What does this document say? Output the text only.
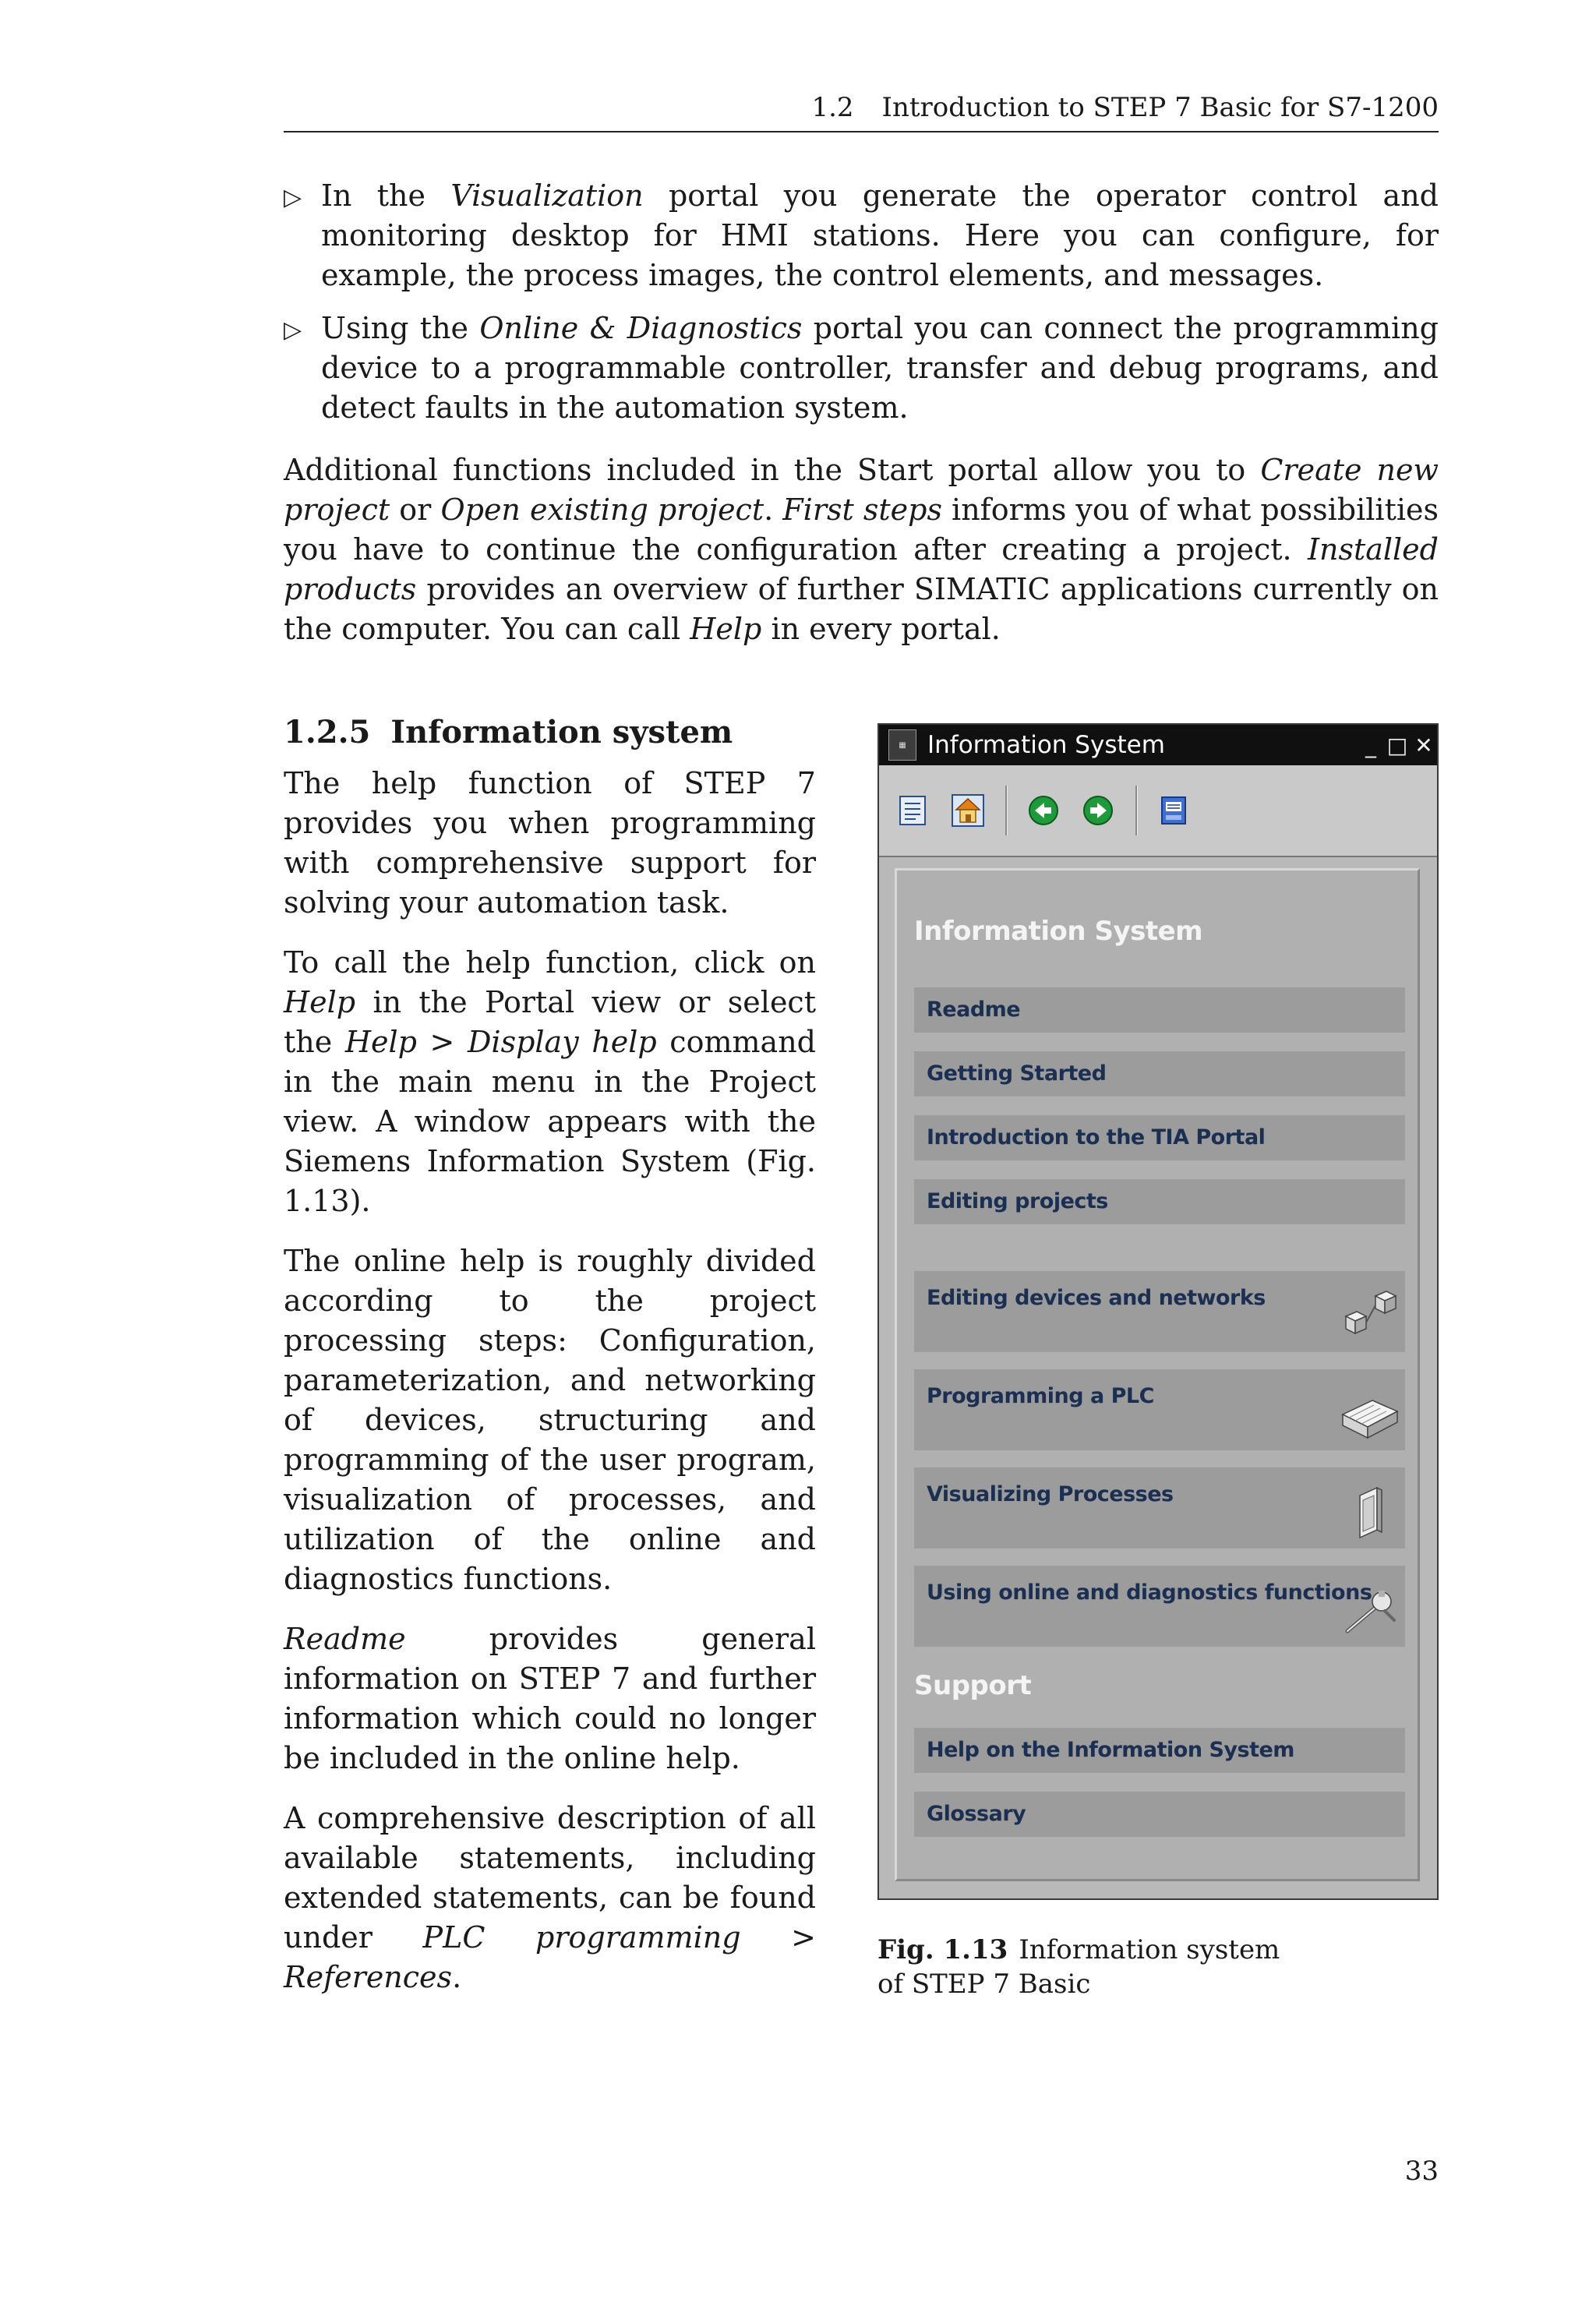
1.2 Introduction to STEP 7 Basic for S7-1200
▷ In the Visualization portal you generate the operator control and monitoring desktop for HMI stations. Here you can configure, for example, the process images, the control elements, and messages.
▷ Using the Online & Diagnostics portal you can connect the programming device to a programmable controller, transfer and debug programs, and detect faults in the automation system.
Additional functions included in the Start portal allow you to Create new project or Open existing project. First steps informs you of what possibilities you have to continue the configuration after creating a project. Installed products provides an overview of further SIMATIC applications currently on the computer. You can call Help in every portal.
1.2.5 Information system

The help function of STEP 7 provides you when programming with comprehensive support for solving your automation task.

To call the help function, click on Help in the Portal view or select the Help > Display help command in the main menu in the Project view. A window appears with the Siemens Information System (Fig. 1.13).

The online help is roughly divided according to the project processing steps: Configuration, parameterization, and networking of devices, structuring and programming of the user program, visualization of processes, and utilization of the online and diagnostics functions.

Readme provides general information on STEP 7 and further information which could no longer be included in the online help.

A comprehensive description of all available statements, including extended statements, can be found under PLC programming > References.

▦ Information System	_ □ ✕
Information System
Readme
Getting Started
Introduction to the TIA Portal
Editing projects
Editing devices and networks
Programming a PLC
Visualizing Processes
Using online and diagnostics functions
Support
Help on the Information System
Glossary
Fig. 1.13 Information system
of STEP 7 Basic
33
